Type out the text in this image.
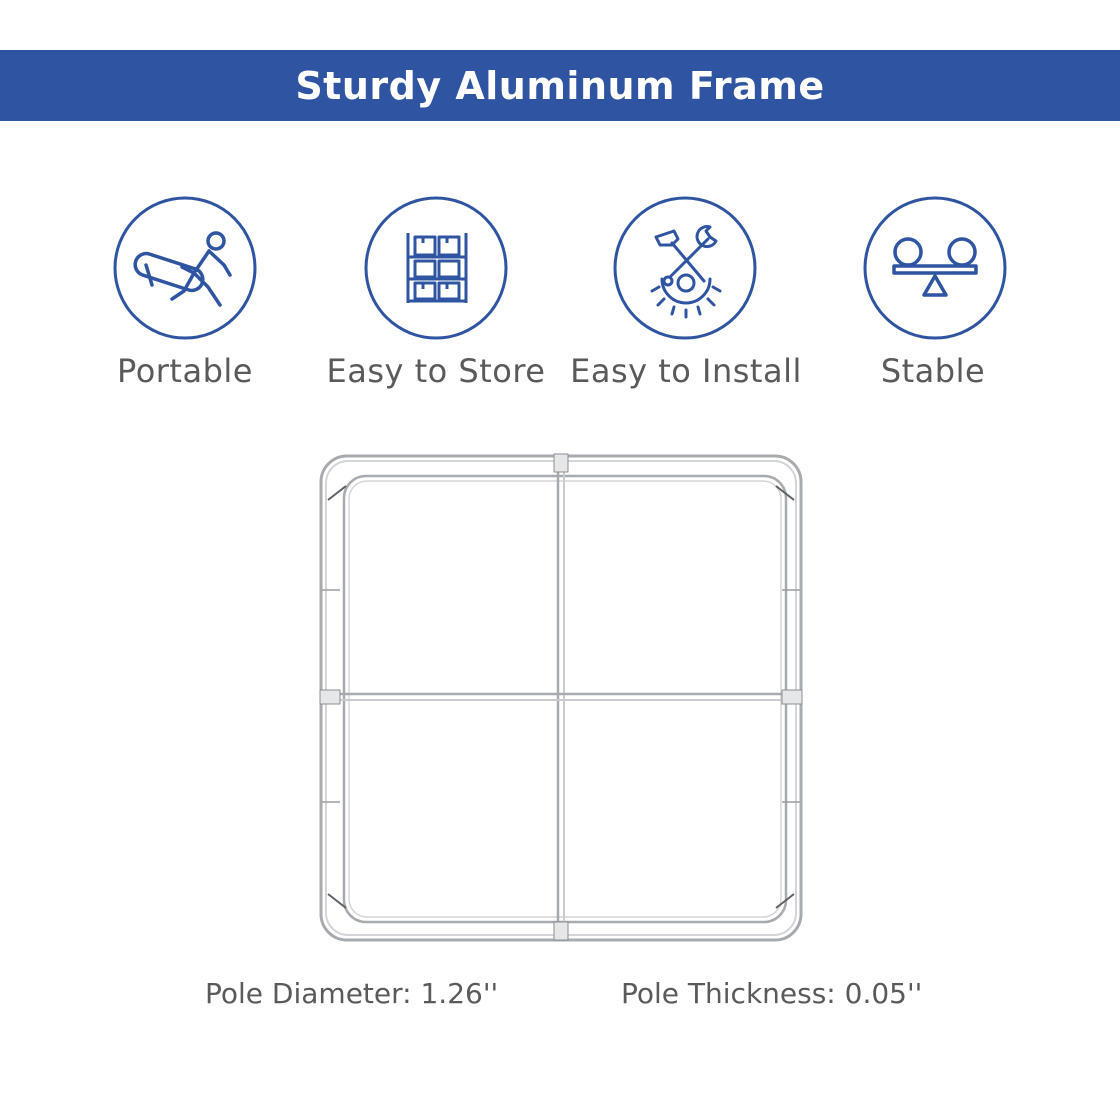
Sturdy Aluminum Frame
Portable	Easy to Store Easy to Install	Stable
Pole Diameter: 1.26''	Pole Thickness: 0.05''
